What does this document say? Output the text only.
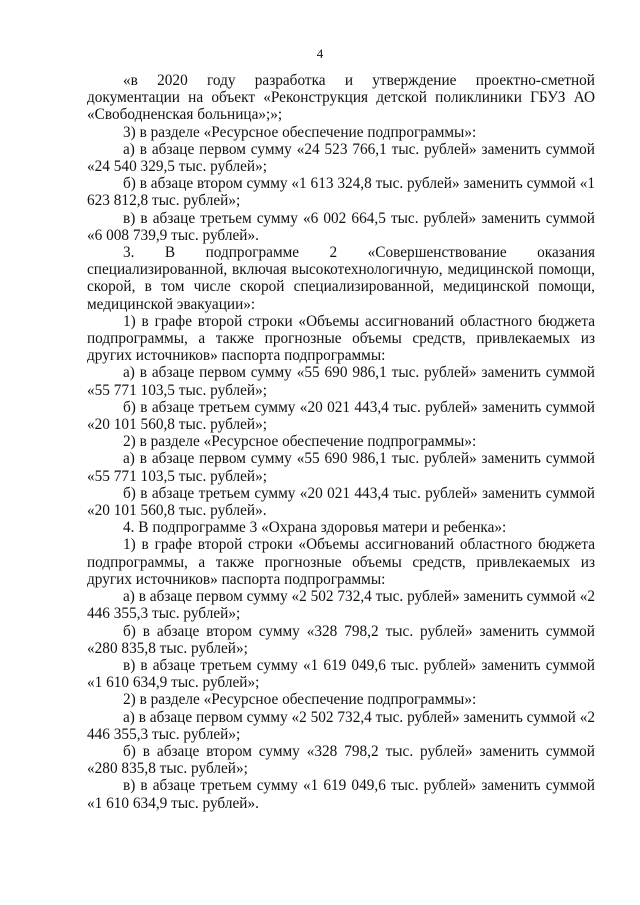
4

«в 2020 году разработка и утверждение проектно-сметной документации на объект «Реконструкция детской поликлиники ГБУЗ АО «Свободненская больница»;»;

3) в разделе «Ресурсное обеспечение подпрограммы»:

а) в абзаце первом сумму «24 523 766,1 тыс. рублей» заменить суммой «24 540 329,5 тыс. рублей»;

б) в абзаце втором сумму «1 613 324,8 тыс. рублей» заменить суммой «1 623 812,8 тыс. рублей»;

в) в абзаце третьем сумму «6 002 664,5 тыс. рублей» заменить суммой «6 008 739,9 тыс. рублей».

3. В подпрограмме 2 «Совершенствование оказания специализированной, включая высокотехнологичную, медицинской помощи, скорой, в том числе скорой специализированной, медицинской помощи, медицинской эвакуации»:

1) в графе второй строки «Объемы ассигнований областного бюджета подпрограммы, а также прогнозные объемы средств, привлекаемых из других источников» паспорта подпрограммы:

а) в абзаце первом сумму «55 690 986,1 тыс. рублей» заменить суммой «55 771 103,5 тыс. рублей»;

б) в абзаце третьем сумму «20 021 443,4 тыс. рублей» заменить суммой «20 101 560,8 тыс. рублей»;

2) в разделе «Ресурсное обеспечение подпрограммы»:

а) в абзаце первом сумму «55 690 986,1 тыс. рублей» заменить суммой «55 771 103,5 тыс. рублей»;

б) в абзаце третьем сумму «20 021 443,4 тыс. рублей» заменить суммой «20 101 560,8 тыс. рублей».

4. В подпрограмме 3 «Охрана здоровья матери и ребенка»:

1) в графе второй строки «Объемы ассигнований областного бюджета подпрограммы, а также прогнозные объемы средств, привлекаемых из других источников» паспорта подпрограммы:

а) в абзаце первом сумму «2 502 732,4 тыс. рублей» заменить суммой «2 446 355,3 тыс. рублей»;

б) в абзаце втором сумму «328 798,2 тыс. рублей» заменить суммой «280 835,8 тыс. рублей»;

в) в абзаце третьем сумму «1 619 049,6 тыс. рублей» заменить суммой «1 610 634,9 тыс. рублей»;

2) в разделе «Ресурсное обеспечение подпрограммы»:

а) в абзаце первом сумму «2 502 732,4 тыс. рублей» заменить суммой «2 446 355,3 тыс. рублей»;

б) в абзаце втором сумму «328 798,2 тыс. рублей» заменить суммой «280 835,8 тыс. рублей»;

в) в абзаце третьем сумму «1 619 049,6 тыс. рублей» заменить суммой «1 610 634,9 тыс. рублей».
